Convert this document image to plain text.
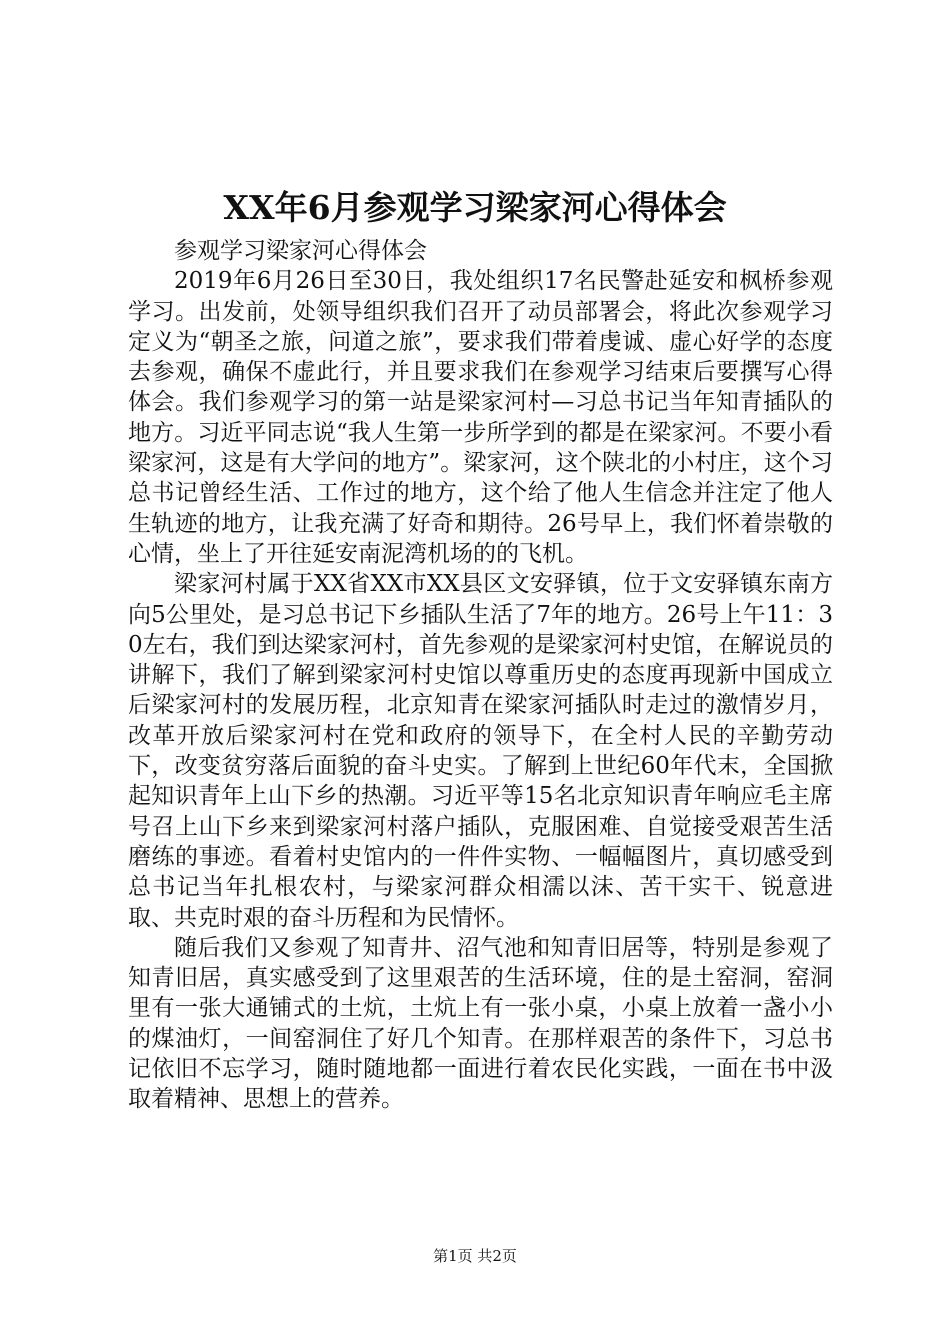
XX年6月参观学习梁家河心得体会

参观学习梁家河心得体会

2019年6月26日至30日，我处组织17名民警赴延安和枫桥参观学习。出发前，处领导组织我们召开了动员部署会，将此次参观学习定义为“朝圣之旅，问道之旅”，要求我们带着虔诚、虚心好学的态度去参观，确保不虚此行，并且要求我们在参观学习结束后要撰写心得体会。我们参观学习的第一站是梁家河村—习总书记当年知青插队的地方。习近平同志说“我人生第一步所学到的都是在梁家河。不要小看梁家河，这是有大学问的地方”。梁家河，这个陕北的小村庄，这个习总书记曾经生活、工作过的地方，这个给了他人生信念并注定了他人生轨迹的地方，让我充满了好奇和期待。26号早上，我们怀着崇敬的心情，坐上了开往延安南泥湾机场的的飞机。

梁家河村属于XX省XX市XX县区文安驿镇，位于文安驿镇东南方向5公里处，是习总书记下乡插队生活了7年的地方。26号上午11：30左右，我们到达梁家河村，首先参观的是梁家河村史馆，在解说员的讲解下，我们了解到梁家河村史馆以尊重历史的态度再现新中国成立后梁家河村的发展历程，北京知青在梁家河插队时走过的激情岁月，改革开放后梁家河村在党和政府的领导下，在全村人民的辛勤劳动下，改变贫穷落后面貌的奋斗史实。了解到上世纪60年代末，全国掀起知识青年上山下乡的热潮。习近平等15名北京知识青年响应毛主席号召上山下乡来到梁家河村落户插队，克服困难、自觉接受艰苦生活磨练的事迹。看着村史馆内的一件件实物、一幅幅图片，真切感受到总书记当年扎根农村，与梁家河群众相濡以沫、苦干实干、锐意进取、共克时艰的奋斗历程和为民情怀。

随后我们又参观了知青井、沼气池和知青旧居等，特别是参观了知青旧居，真实感受到了这里艰苦的生活环境，住的是土窑洞，窑洞里有一张大通铺式的土炕，土炕上有一张小桌，小桌上放着一盏小小的煤油灯，一间窑洞住了好几个知青。在那样艰苦的条件下，习总书记依旧不忘学习，随时随地都一面进行着农民化实践，一面在书中汲取着精神、思想上的营养。

第1页 共2页
